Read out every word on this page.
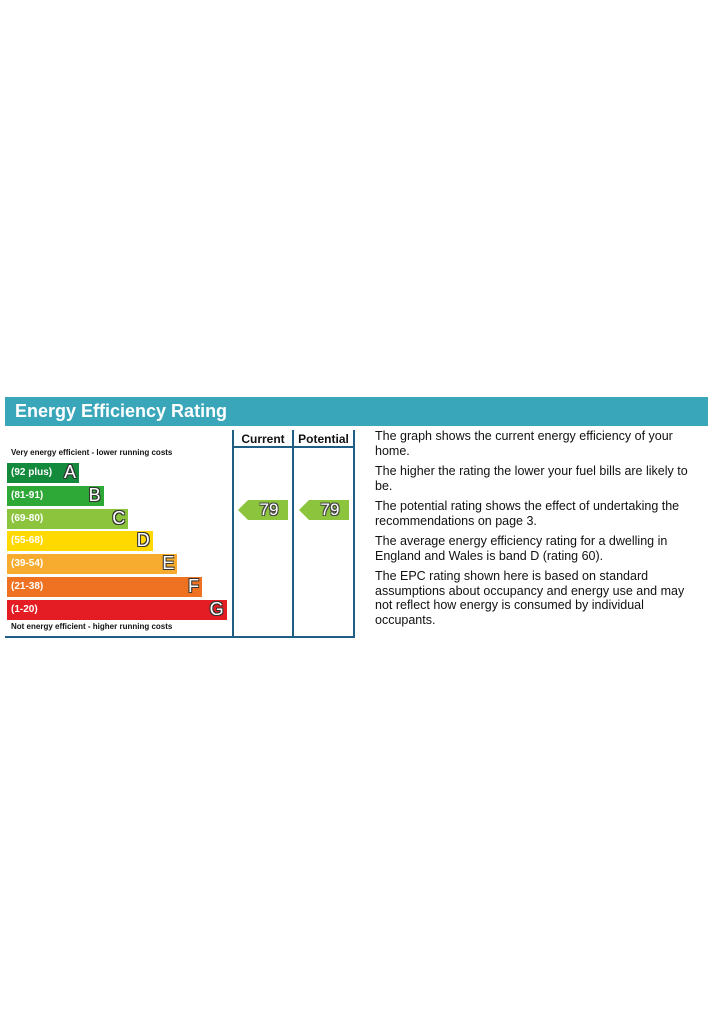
Energy Efficiency Rating
Current	Potential
Very energy efficient - lower running costs
(92 plus) A
(81-91)	B
(69-80)	C
(55-68)	D
(39-54)	E
(21-38)	F
(1-20)	G
Not energy efficient - higher running costs
79	79

The graph shows the current energy efficiency of your home.

The higher the rating the lower your fuel bills are likely to be.

The potential rating shows the effect of undertaking the recommendations on page 3.

The average energy efficiency rating for a dwelling in England and Wales is band D (rating 60).

The EPC rating shown here is based on standard assumptions about occupancy and energy use and may not reflect how energy is consumed by individual occupants.
